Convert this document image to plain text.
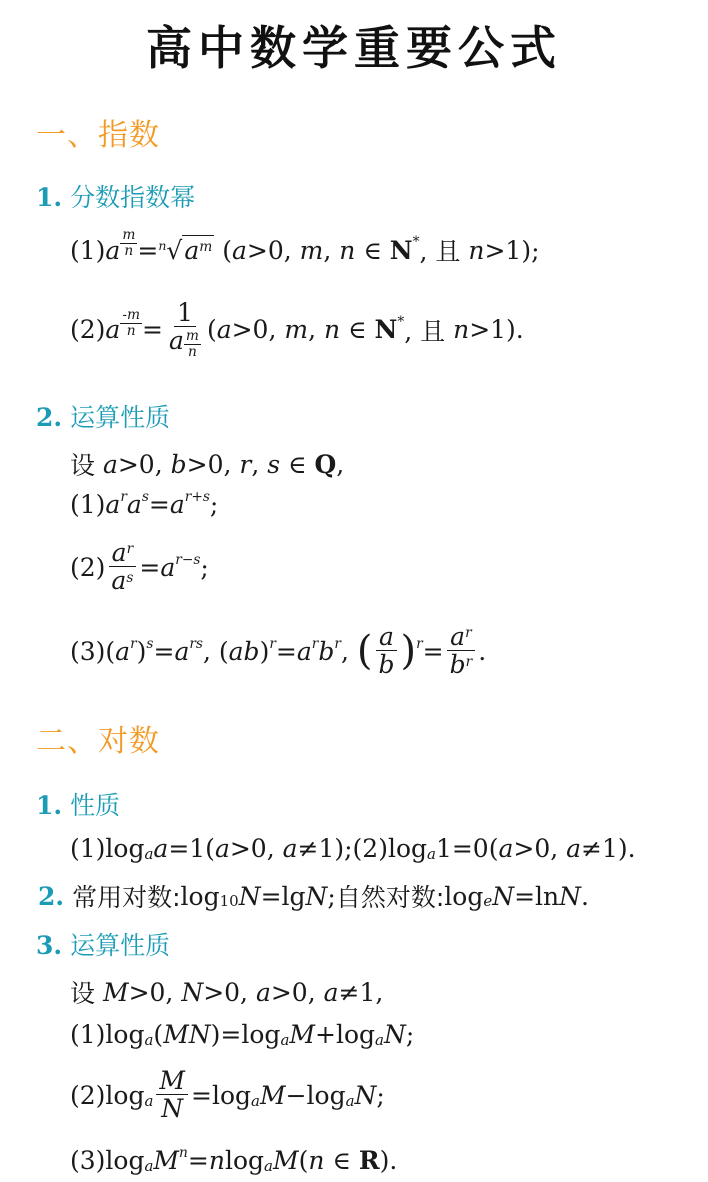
高中数学重要公式
一、指数
1. 分数指数幂
(1) a
m
n = n √ $a^m$ ( a >0, m , n ∈ N * , 且 n >1);
(2) a
-m
$n = \frac{1}{a \frac{m}{n}}$ ( a >0, m , n ∈ N * , 且 n >1).
2. 运算性质
设 a >0, b >0, r , s ∈ Q ,
(1) a r a s = a r+s ;
$(2) \frac{a^r}{a^s} = a$ r−s ;
(3)( a r ) s = a rs , ( ab ) r = a r b r , ( $\frac{a}{b}$ ) $r = \frac{a^r}{b^r}$ .
二、对数
1. 性质
(1)log a a =1( a >0, a ≠1);(2)log a 1=0( a >0, a ≠1).
2. 常用对数: log 10 N =lg N ; 自然对数: log e N =ln N .
3. 运算性质
设 M >0, N >0, a >0, a ≠1,
(1)log a ( MN )=log a M +log a N ;
(2)log a $\frac{M}{N} =\log$ a M −log a N ;
(3)log a M n = n log a M ( n ∈ R ).
